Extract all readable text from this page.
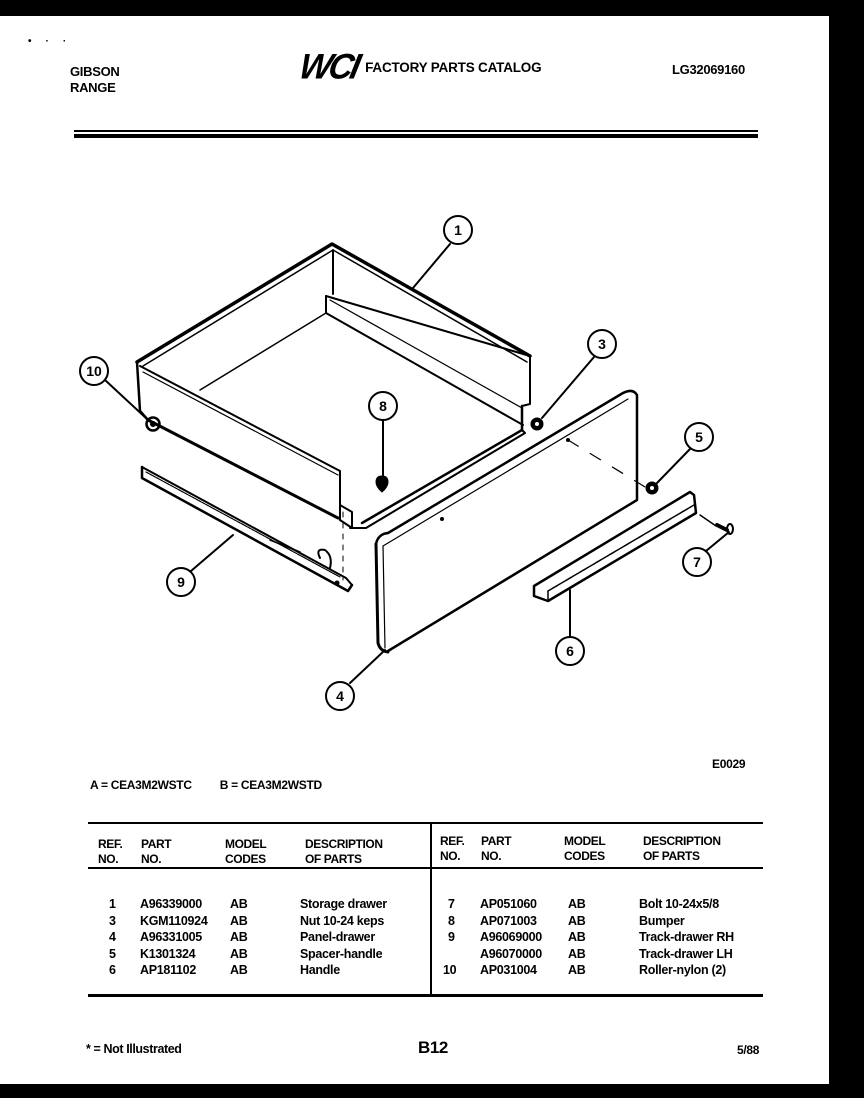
•··
GIBSON
RANGE
WCI FACTORY PARTS CATALOG	LG32069160
1
3
4
5
6
7
8
9
10
E0029
A = CEA3M2WSTC B = CEA3M2WSTD
REF.
NO.
PART
NO.
MODEL
CODES
DESCRIPTION
OF PARTS
REF.
NO.
PART
NO.
MODEL
CODES
DESCRIPTION
OF PARTS
1 A96339000 AB	Storage drawer
3 KGM110924 AB	Nut 10-24 keps
4 A96331005 AB	Panel-drawer
5 K1301324	AB	Spacer-handle
6 AP181102	AB	Handle
7 AP051060	AB	Bolt 10-24x5/8
8 AP071003	AB	Bumper
9 A96069000 AB	Track-drawer RH
A96070000 AB	Track-drawer LH
10 AP031004	AB	Roller-nylon (2)
* = Not Illustrated	B12	5/88
